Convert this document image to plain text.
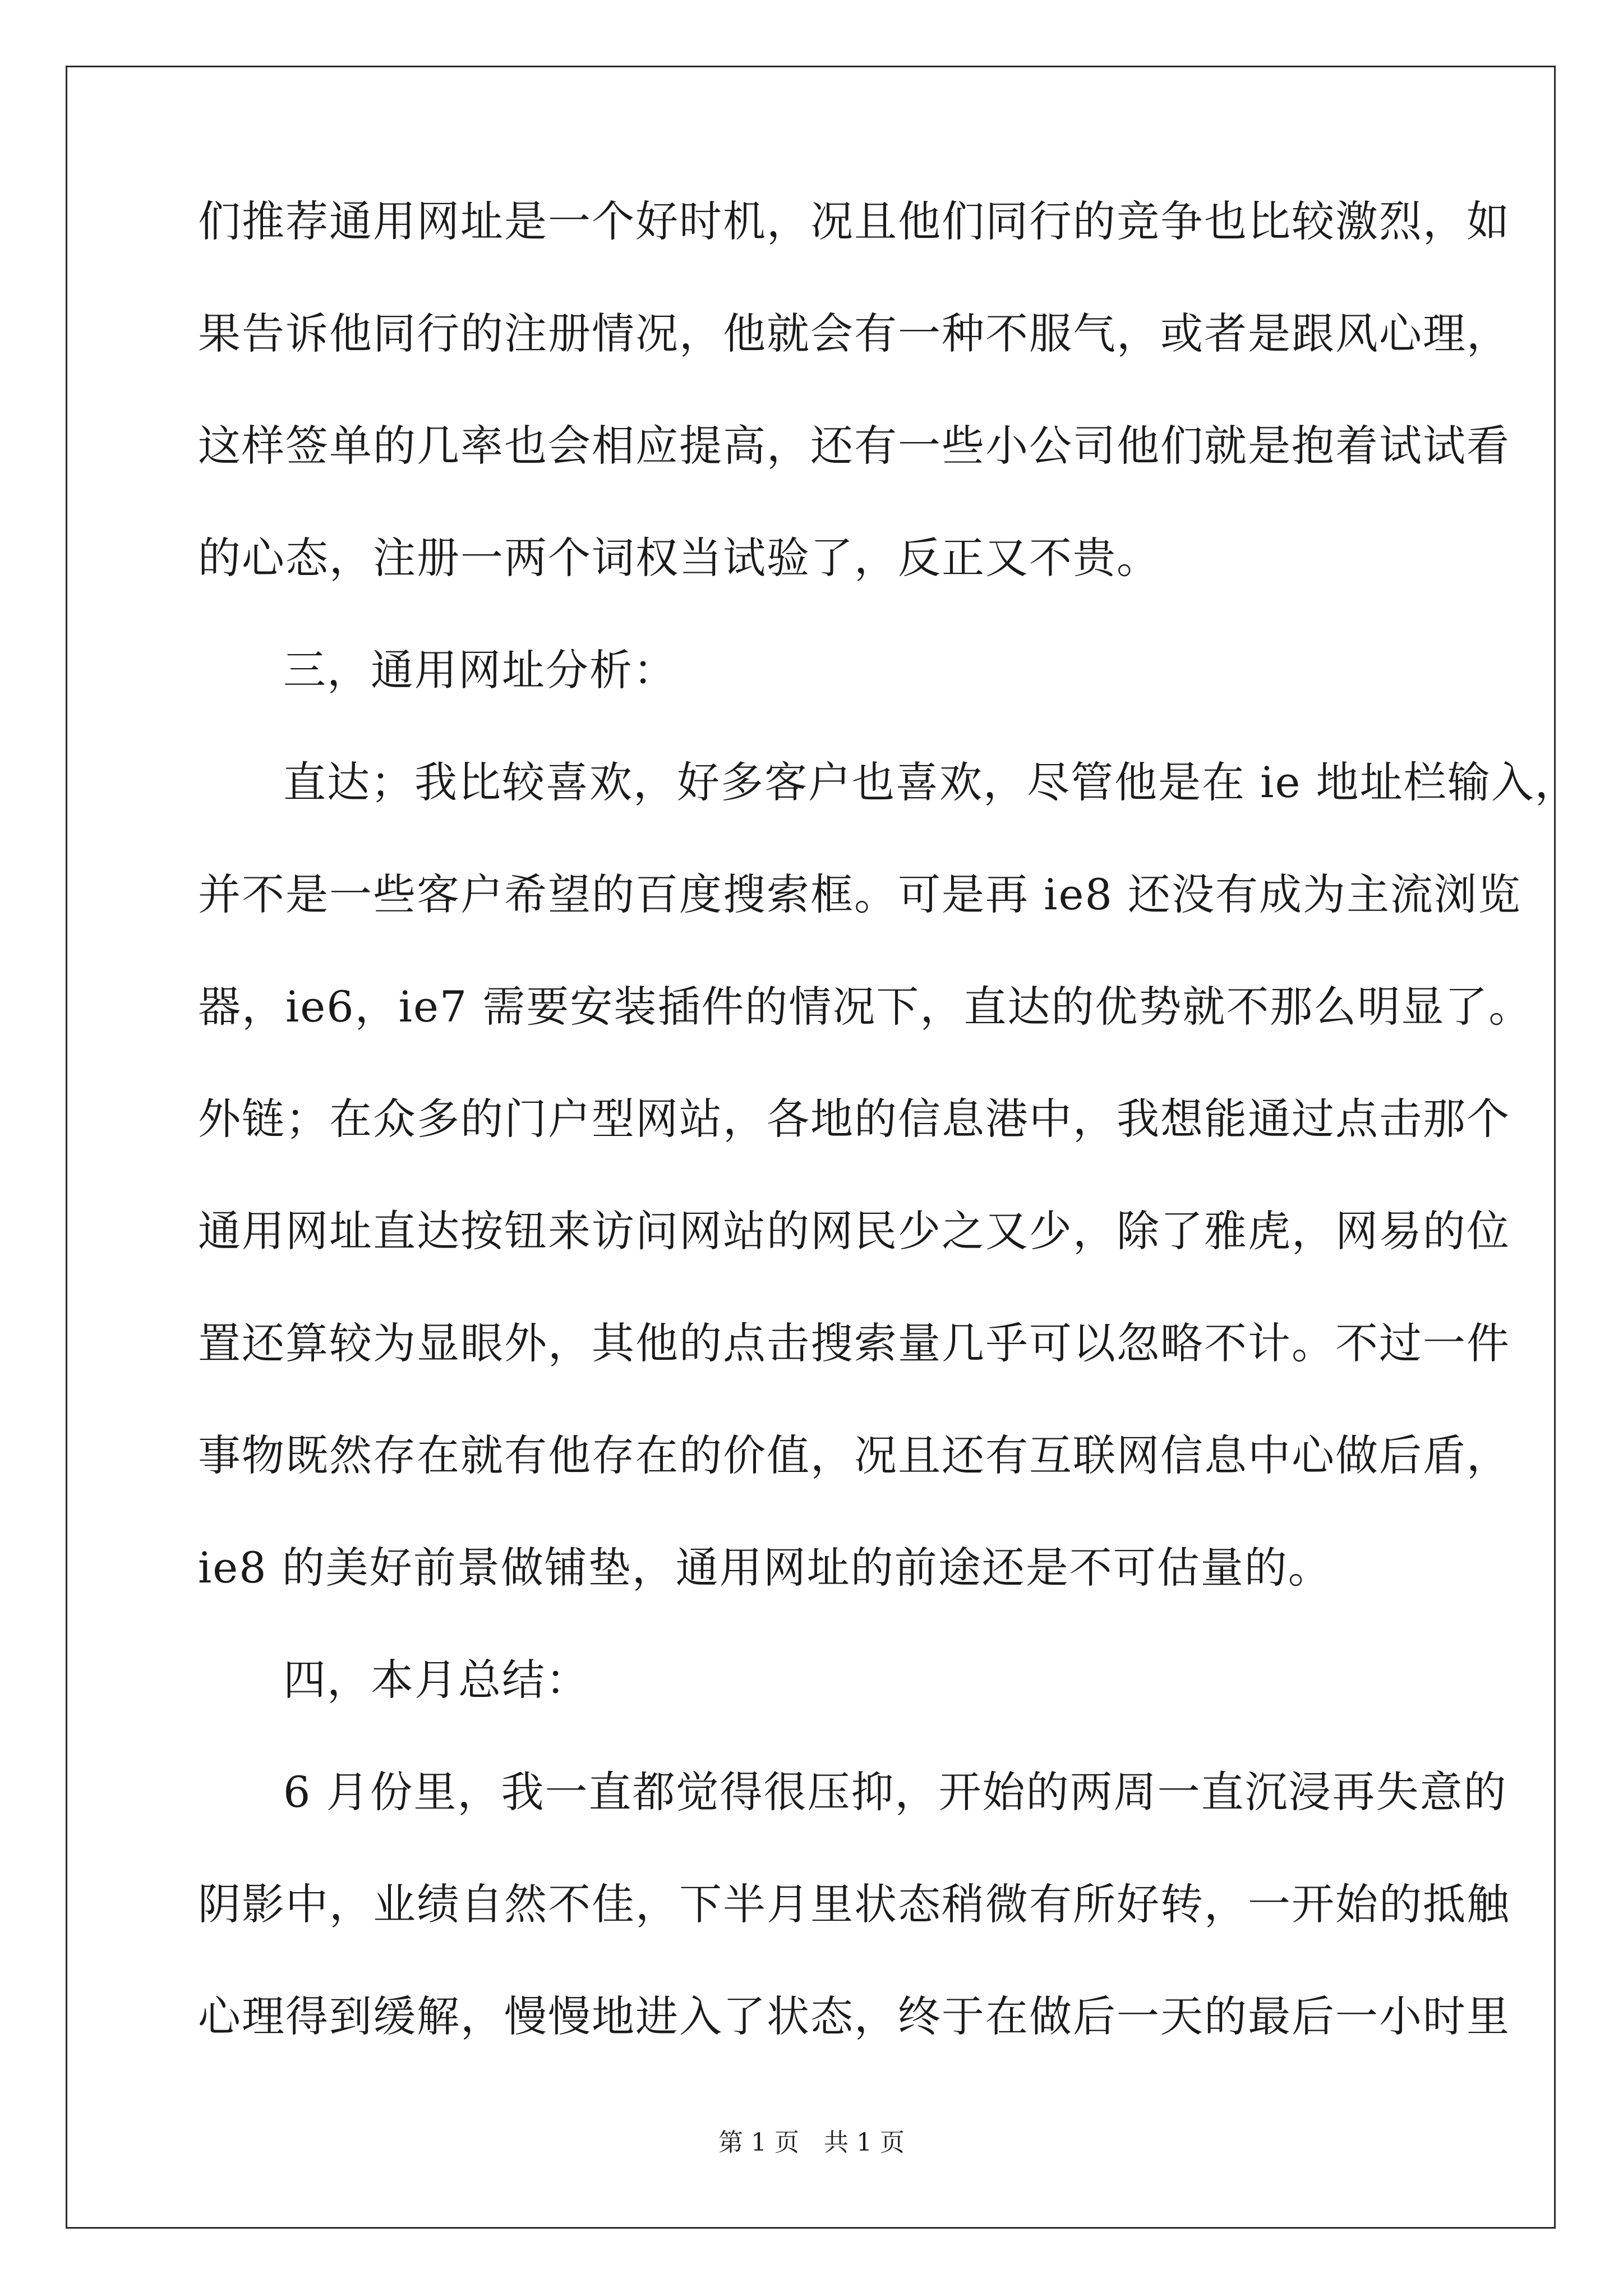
们推荐通用网址是一个好时机，况且他们同行的竞争也比较激烈，如
果告诉他同行的注册情况，他就会有一种不服气，或者是跟风心理，
这样签单的几率也会相应提高，还有一些小公司他们就是抱着试试看
的心态，注册一两个词权当试验了，反正又不贵。
三，通用网址分析：
直达；我比较喜欢，好多客户也喜欢，尽管他是在 ie 地址栏输入，
并不是一些客户希望的百度搜索框。可是再 ie8 还没有成为主流浏览
器，ie6，ie7 需要安装插件的情况下，直达的优势就不那么明显了。
外链；在众多的门户型网站，各地的信息港中，我想能通过点击那个
通用网址直达按钮来访问网站的网民少之又少，除了雅虎，网易的位
置还算较为显眼外，其他的点击搜索量几乎可以忽略不计。不过一件
事物既然存在就有他存在的价值，况且还有互联网信息中心做后盾，
ie8 的美好前景做铺垫，通用网址的前途还是不可估量的。
四，本月总结：
6 月份里，我一直都觉得很压抑，开始的两周一直沉浸再失意的
阴影中，业绩自然不佳，下半月里状态稍微有所好转，一开始的抵触
心理得到缓解，慢慢地进入了状态，终于在做后一天的最后一小时里
第 1 页　共 1 页
